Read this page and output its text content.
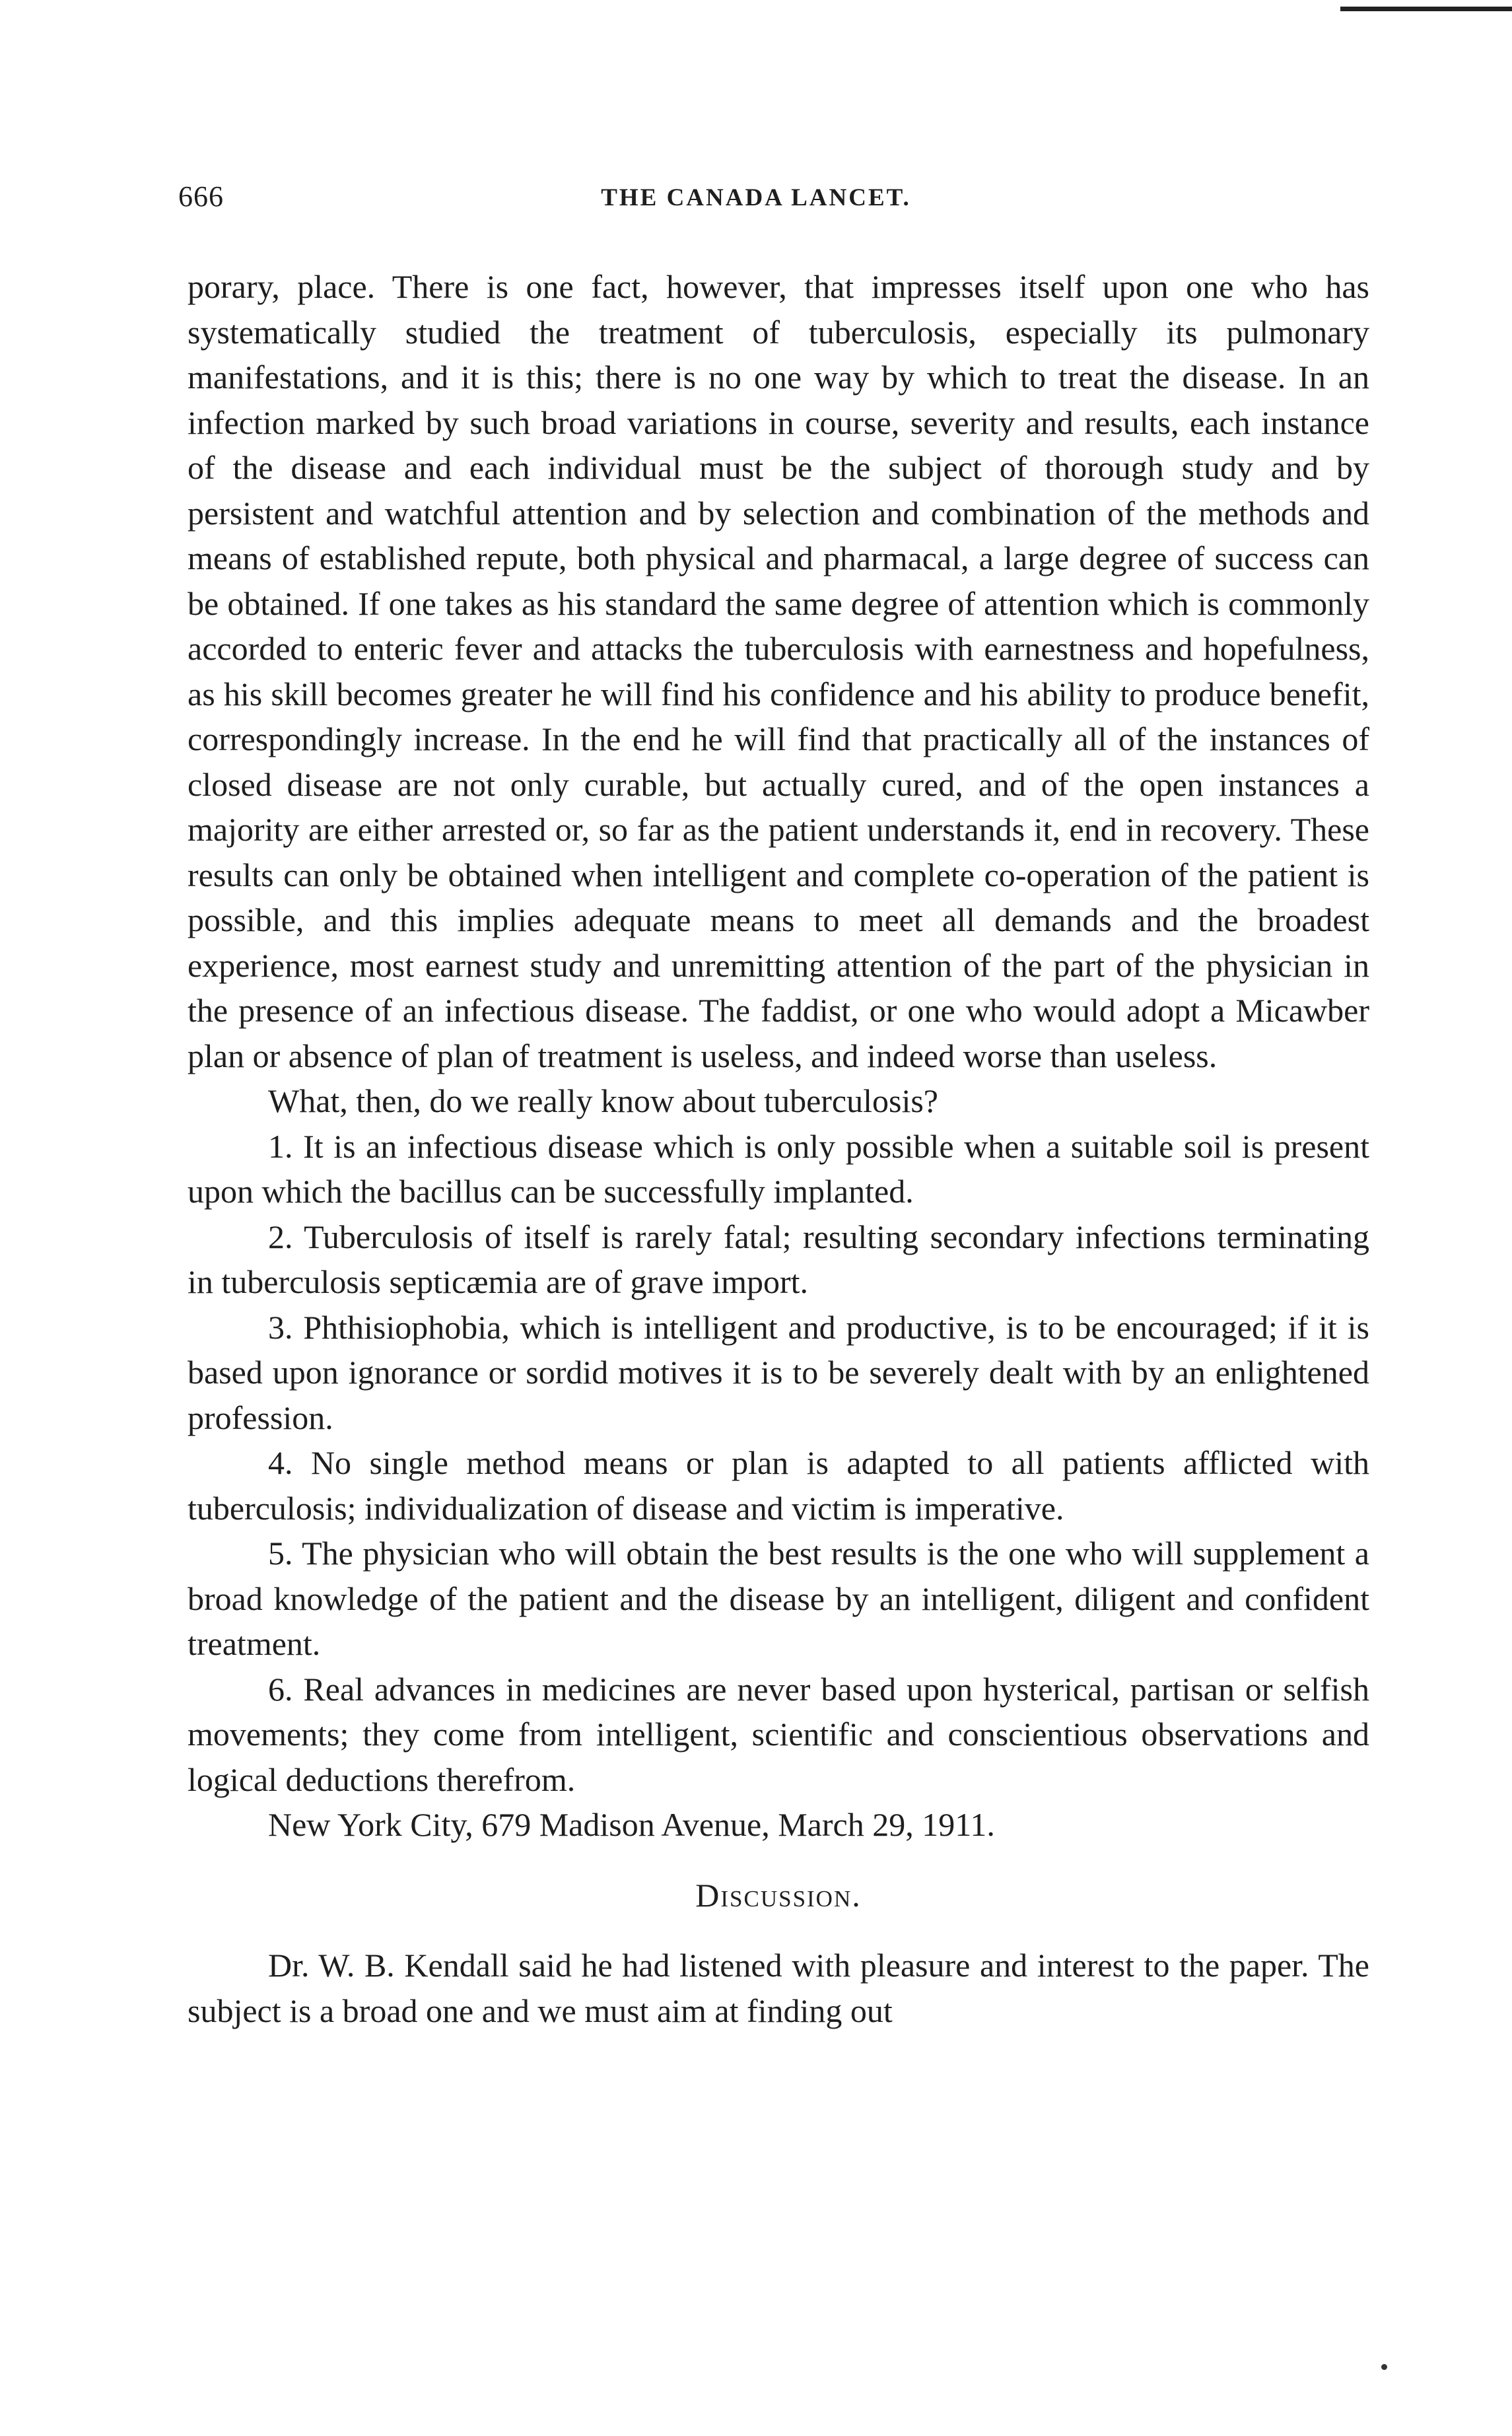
666	THE CANADA LANCET.

porary, place. There is one fact, however, that impresses itself upon one who has systematically studied the treatment of tuberculosis, especially its pulmonary manifestations, and it is this; there is no one way by which to treat the disease. In an infection marked by such broad variations in course, severity and results, each instance of the disease and each individual must be the subject of thorough study and by persistent and watchful attention and by selection and combination of the methods and means of established repute, both physical and pharmacal, a large degree of success can be obtained. If one takes as his standard the same degree of attention which is commonly accorded to enteric fever and attacks the tuberculosis with earnestness and hopefulness, as his skill becomes greater he will find his confidence and his ability to produce benefit, correspondingly increase. In the end he will find that practically all of the instances of closed disease are not only curable, but actually cured, and of the open instances a majority are either arrested or, so far as the patient understands it, end in recovery. These results can only be obtained when intelligent and complete co-operation of the patient is possible, and this implies adequate means to meet all demands and the broadest experience, most earnest study and unremitting attention of the part of the physician in the presence of an infectious disease. The faddist, or one who would adopt a Micawber plan or absence of plan of treatment is useless, and indeed worse than useless.

What, then, do we really know about tuberculosis?

1. It is an infectious disease which is only possible when a suitable soil is present upon which the bacillus can be successfully implanted.

2. Tuberculosis of itself is rarely fatal; resulting secondary infections terminating in tuberculosis septicæmia are of grave import.

3. Phthisiophobia, which is intelligent and productive, is to be encouraged; if it is based upon ignorance or sordid motives it is to be severely dealt with by an enlightened profession.

4. No single method means or plan is adapted to all patients afflicted with tuberculosis; individualization of disease and victim is imperative.

5. The physician who will obtain the best results is the one who will supplement a broad knowledge of the patient and the disease by an intelligent, diligent and confident treatment.

6. Real advances in medicines are never based upon hysterical, partisan or selfish movements; they come from intelligent, scientific and conscientious observations and logical deductions therefrom.

New York City, 679 Madison Avenue, March 29, 1911.

Discussion.

Dr. W. B. Kendall said he had listened with pleasure and interest to the paper. The subject is a broad one and we must aim at finding out
